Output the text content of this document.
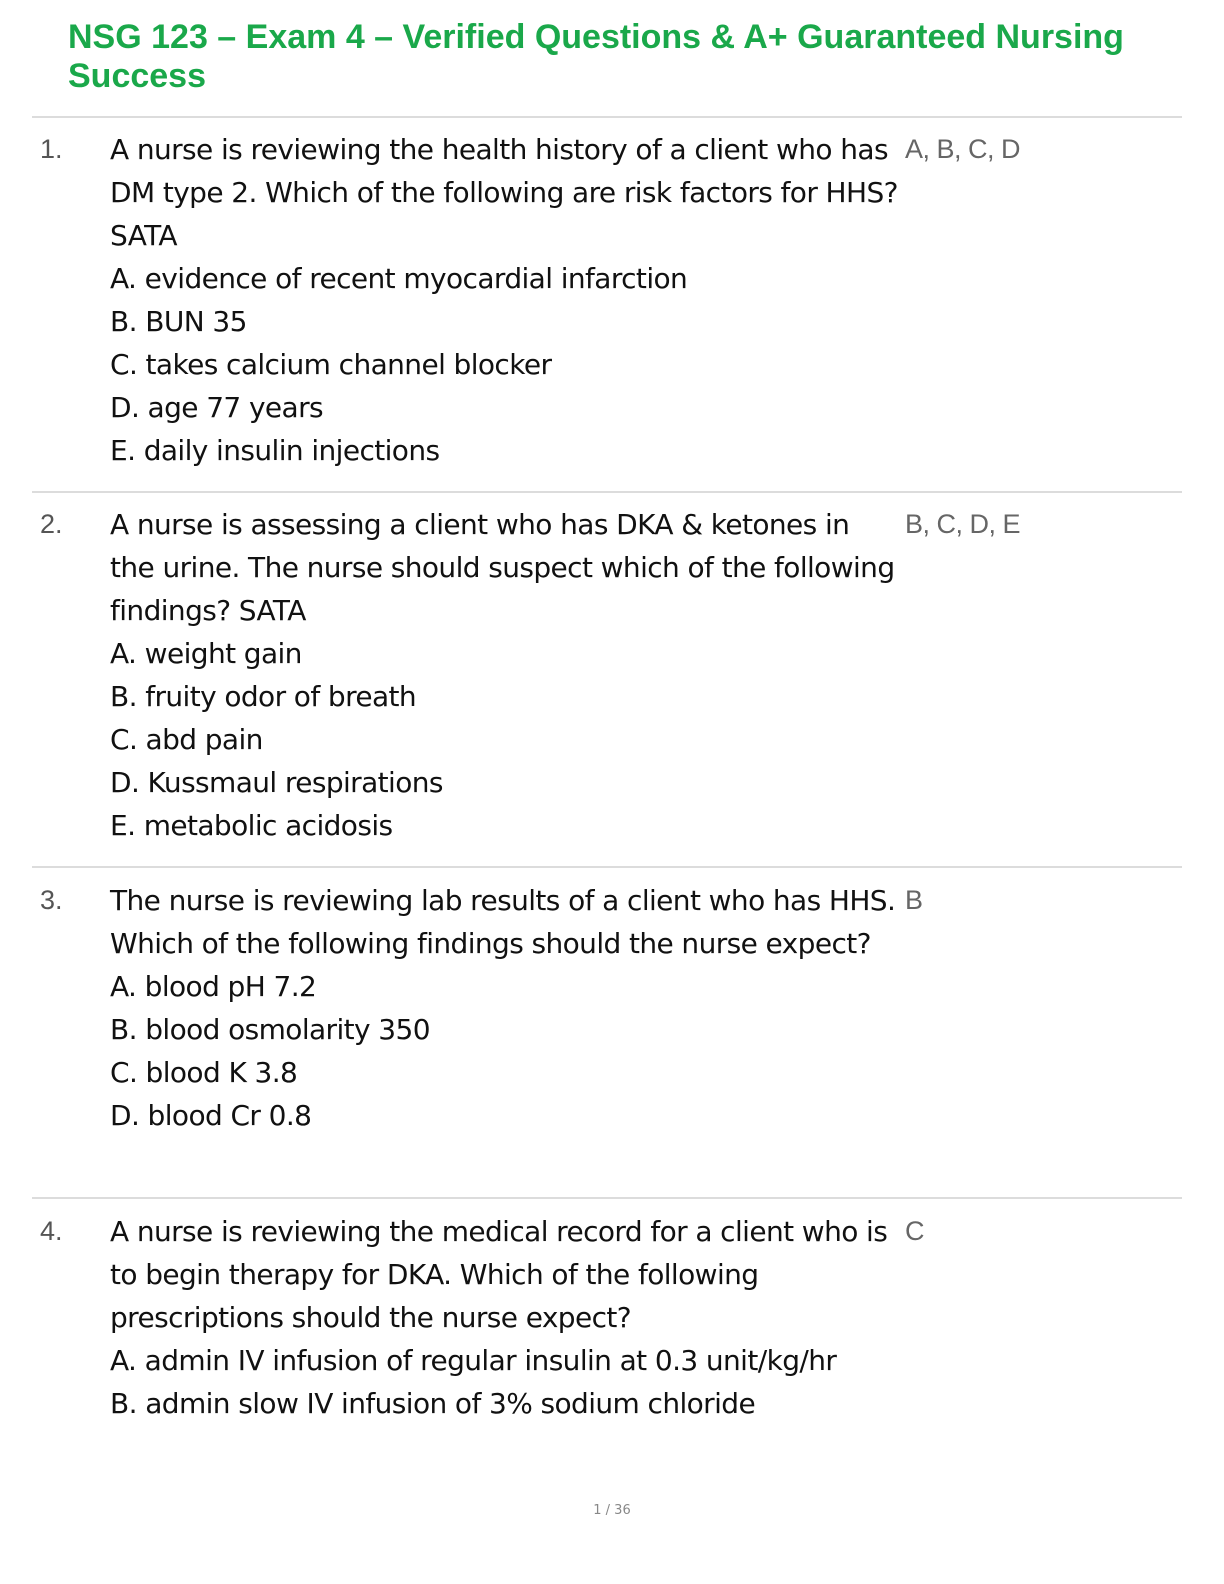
NSG 123 – Exam 4 – Verified Questions & A+ Guaranteed Nursing Success
1. A nurse is reviewing the health history of a client who has DM type 2. Which of the following are risk factors for HHS? SATA

A. evidence of recent myocardial infarction
B. BUN 35
C. takes calcium channel blocker
D. age 77 years
E. daily insulin injections
A, B, C, D
2. A nurse is assessing a client who has DKA & ketones in the urine. The nurse should suspect which of the following findings? SATA

A. weight gain
B. fruity odor of breath
C. abd pain
D. Kussmaul respirations
E. metabolic acidosis
B, C, D, E
3. The nurse is reviewing lab results of a client who has HHS. Which of the following findings should the nurse expect?

A. blood pH 7.2
B. blood osmolarity 350
C. blood K 3.8
D. blood Cr 0.8
B
4. A nurse is reviewing the medical record for a client who is to begin therapy for DKA. Which of the following prescriptions should the nurse expect?

A. admin IV infusion of regular insulin at 0.3 unit/kg/hr
B. admin slow IV infusion of 3% sodium chloride
C
1 / 36
